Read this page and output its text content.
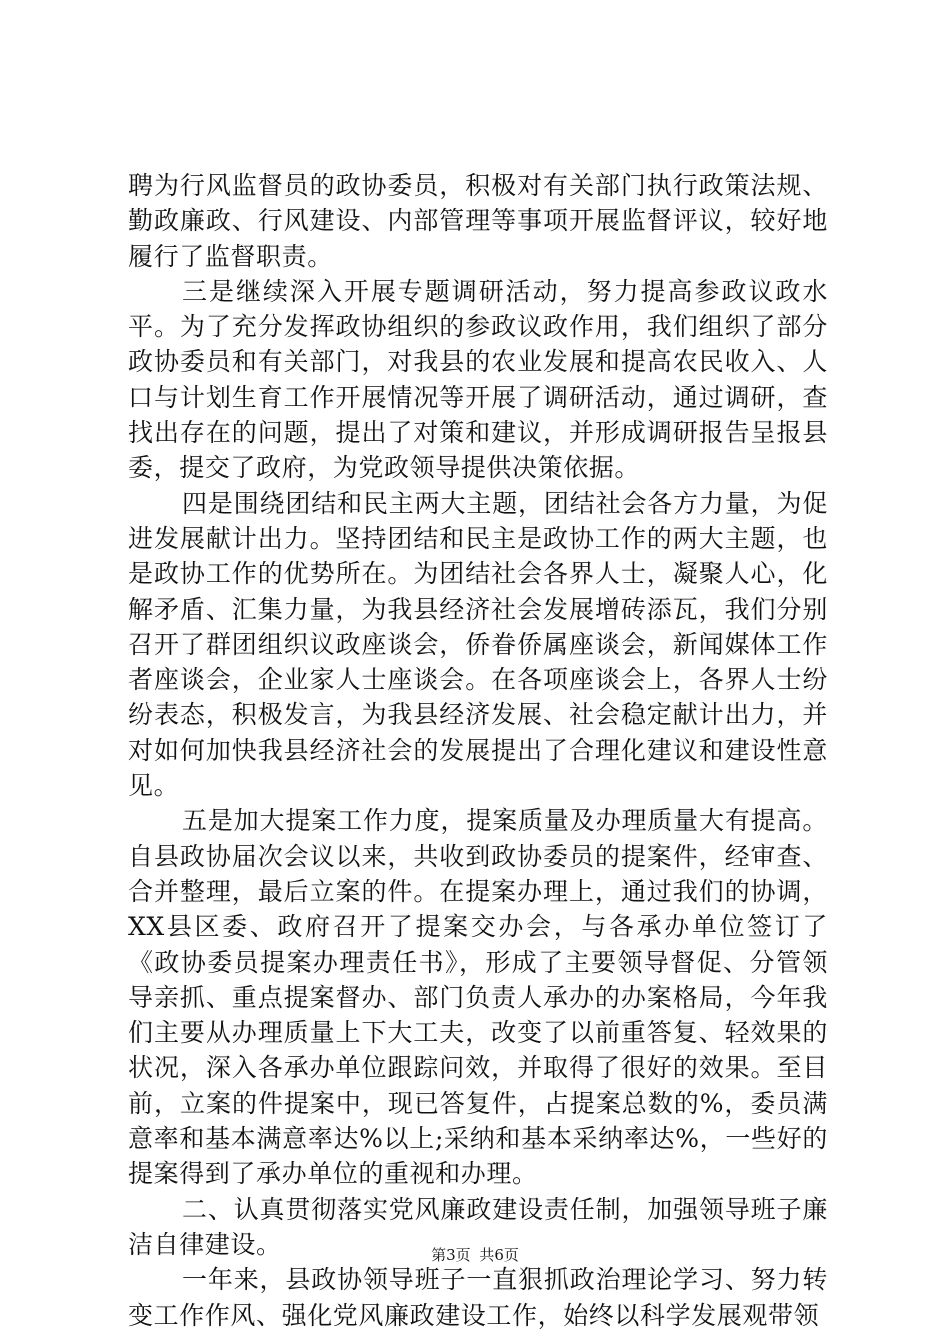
聘为行风监督员的政协委员，积极对有关部门执行政策法规、勤政廉政、行风建设、内部管理等事项开展监督评议，较好地履行了监督职责。

三是继续深入开展专题调研活动，努力提高参政议政水平。为了充分发挥政协组织的参政议政作用，我们组织了部分政协委员和有关部门，对我县的农业发展和提高农民收入、人口与计划生育工作开展情况等开展了调研活动，通过调研，查找出存在的问题，提出了对策和建议，并形成调研报告呈报县委，提交了政府，为党政领导提供决策依据。

四是围绕团结和民主两大主题，团结社会各方力量，为促进发展献计出力。坚持团结和民主是政协工作的两大主题，也是政协工作的优势所在。为团结社会各界人士，凝聚人心，化解矛盾、汇集力量，为我县经济社会发展增砖添瓦，我们分别召开了群团组织议政座谈会，侨眷侨属座谈会，新闻媒体工作者座谈会，企业家人士座谈会。在各项座谈会上，各界人士纷纷表态，积极发言，为我县经济发展、社会稳定献计出力，并对如何加快我县经济社会的发展提出了合理化建议和建设性意见。

五是加大提案工作力度，提案质量及办理质量大有提高。自县政协届次会议以来，共收到政协委员的提案件，经审查、合并整理，最后立案的件。在提案办理上，通过我们的协调，XX县区委、政府召开了提案交办会，与各承办单位签订了《政协委员提案办理责任书》，形成了主要领导督促、分管领导亲抓、重点提案督办、部门负责人承办的办案格局，今年我们主要从办理质量上下大工夫，改变了以前重答复、轻效果的状况，深入各承办单位跟踪问效，并取得了很好的效果。至目前，立案的件提案中，现已答复件，占提案总数的%，委员满意率和基本满意率达%以上;采纳和基本采纳率达%，一些好的提案得到了承办单位的重视和办理。

二、认真贯彻落实党风廉政建设责任制，加强领导班子廉洁自律建设。

一年来，县政协领导班子一直狠抓政治理论学习、努力转变工作作风、强化党风廉政建设工作，始终以科学发展观带领

第3页 共6页
